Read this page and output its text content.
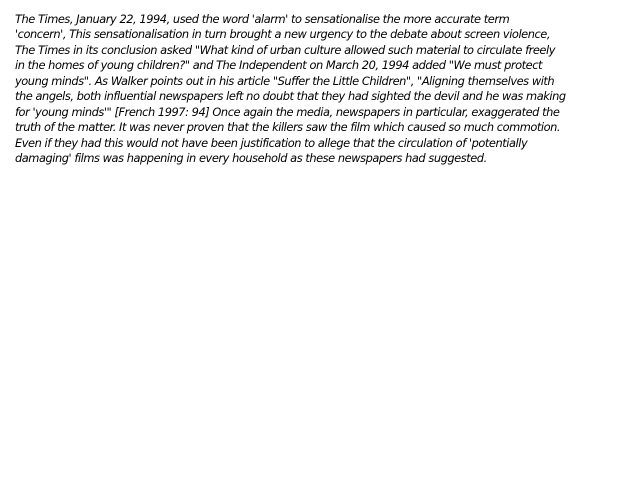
The Times, January 22, 1994, used the word 'alarm' to sensationalise the more accurate term
'concern', This sensationalisation in turn brought a new urgency to the debate about screen violence,
The Times in its conclusion asked "What kind of urban culture allowed such material to circulate freely
in the homes of young children?" and The Independent on March 20, 1994 added "We must protect
young minds". As Walker points out in his article "Suffer the Little Children", "Aligning themselves with
the angels, both influential newspapers left no doubt that they had sighted the devil and he was making
for 'young minds'" [French 1997: 94] Once again the media, newspapers in particular, exaggerated the
truth of the matter. It was never proven that the killers saw the film which caused so much commotion.
Even if they had this would not have been justification to allege that the circulation of 'potentially
damaging' films was happening in every household as these newspapers had suggested.
